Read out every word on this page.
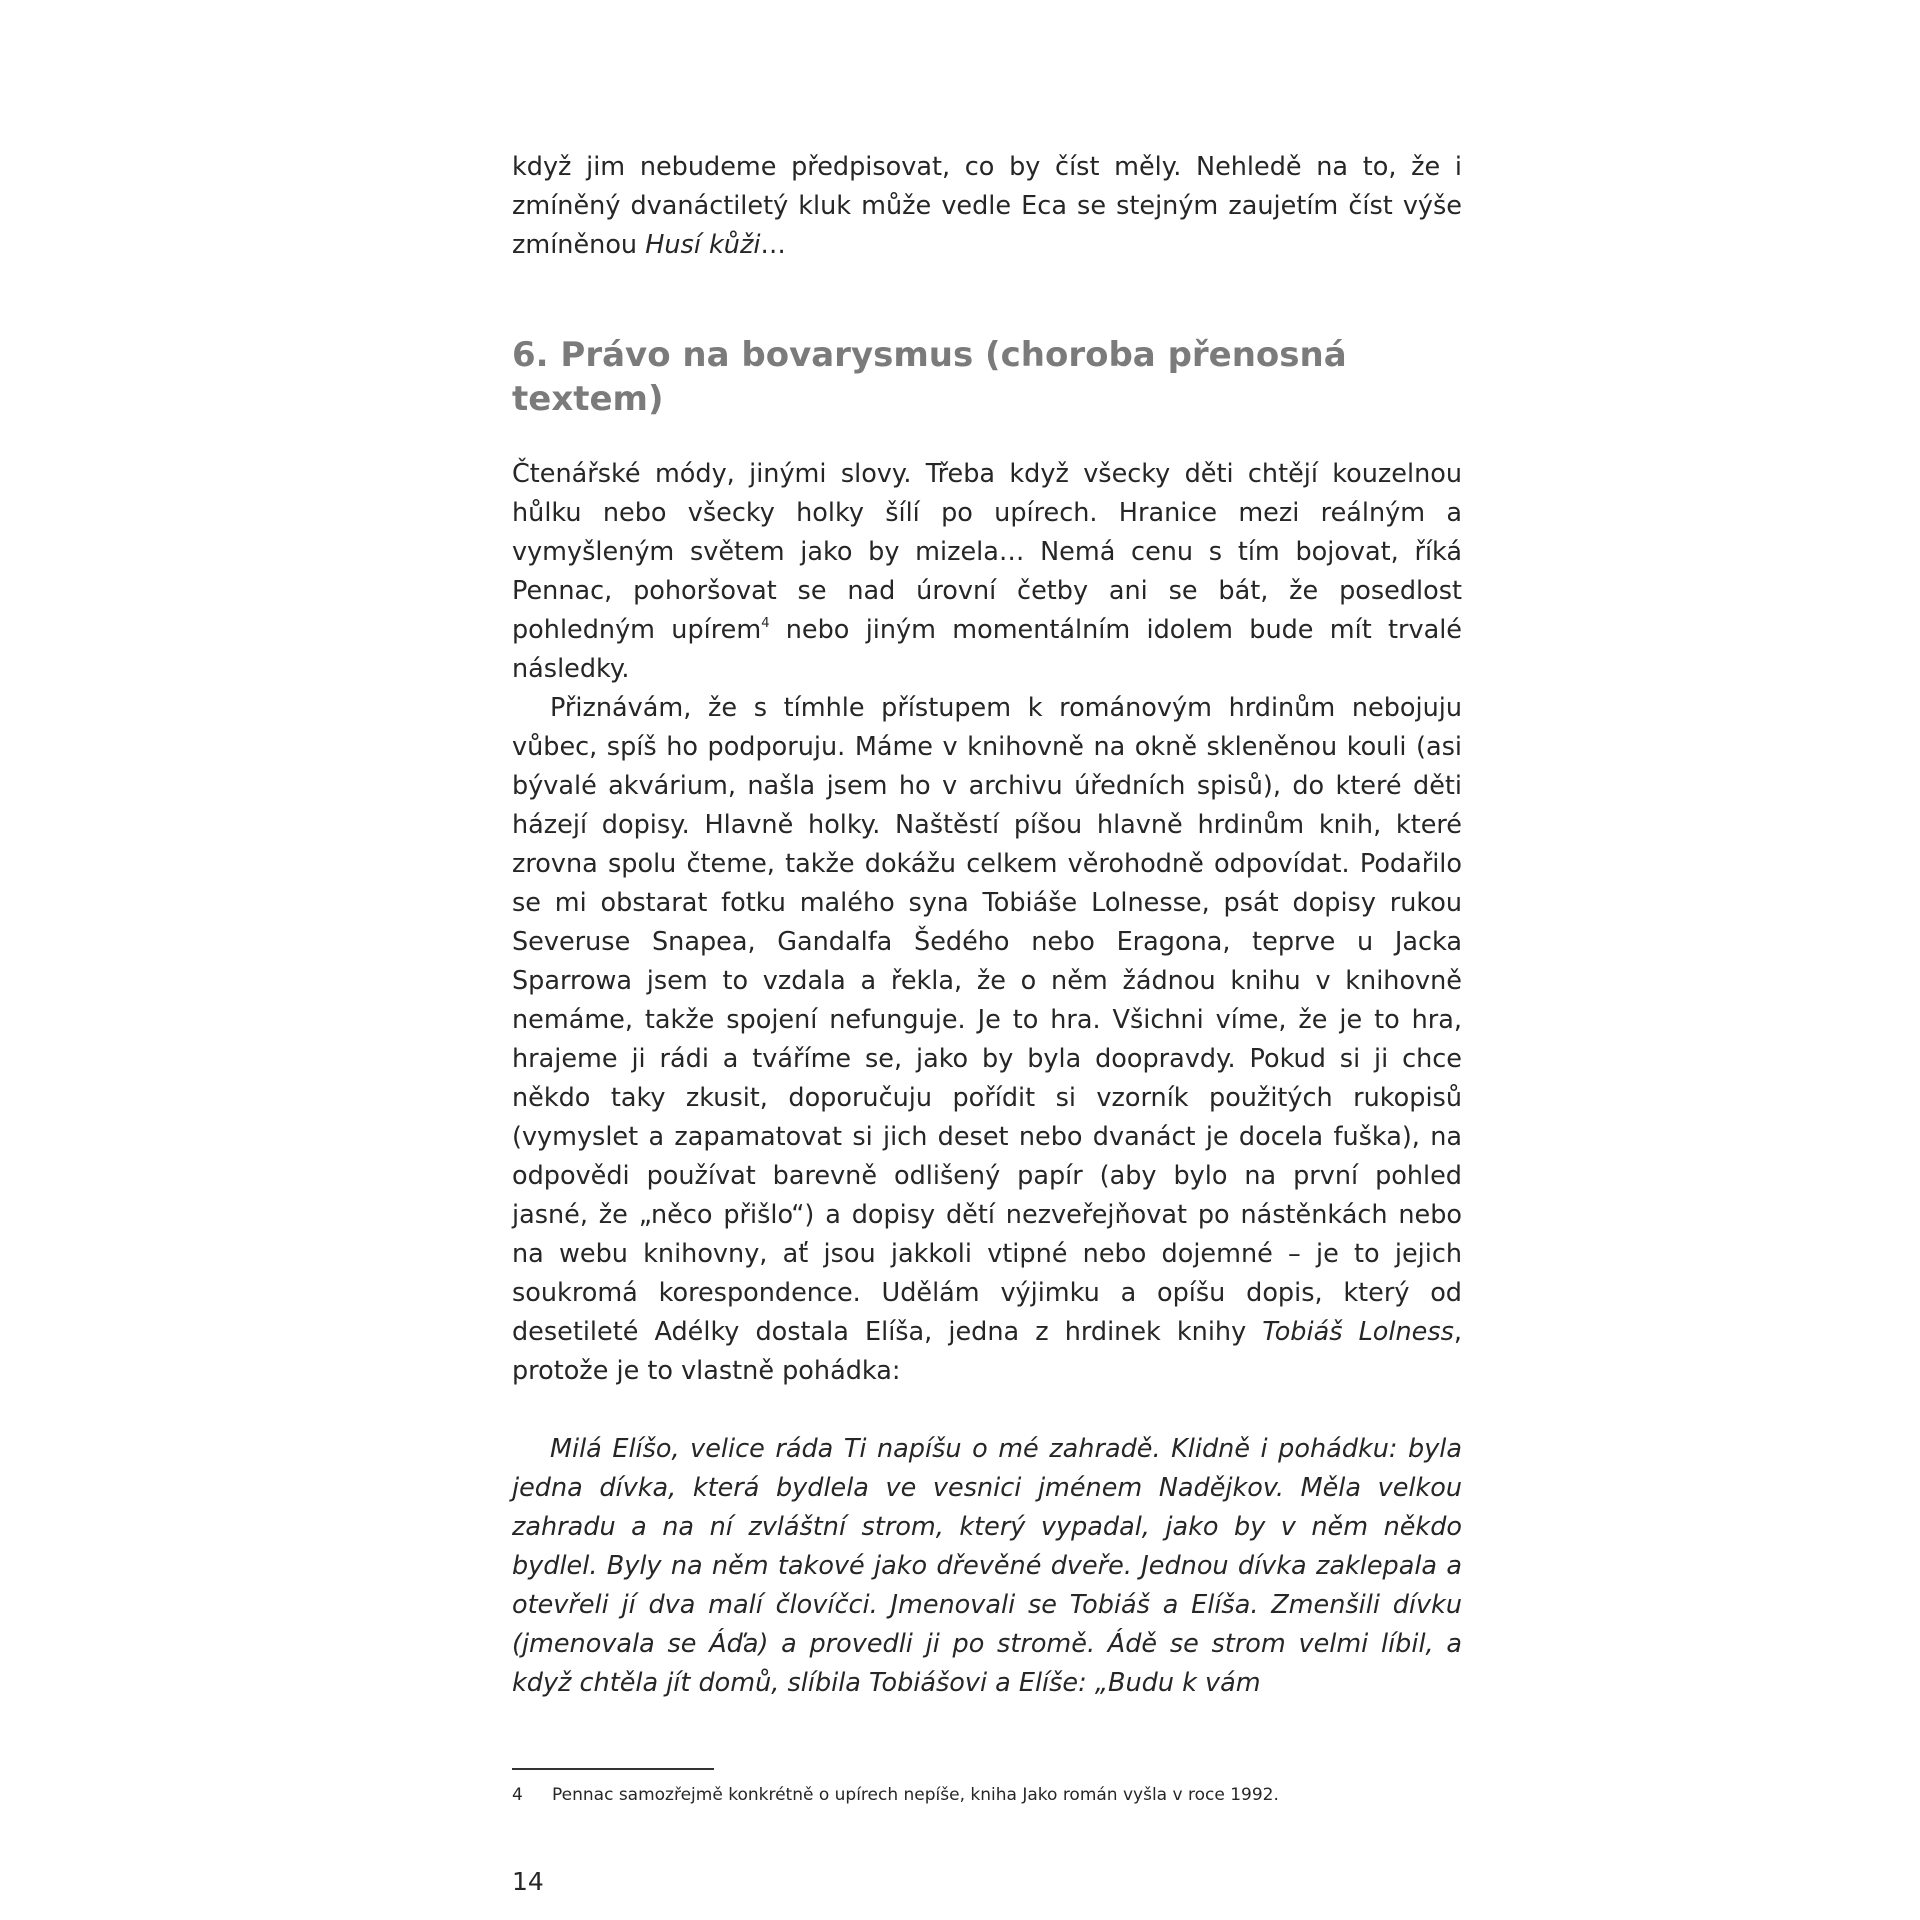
když jim nebudeme předpisovat, co by číst měly. Nehledě na to, že i zmíněný dvanáctiletý kluk může vedle Eca se stejným zaujetím číst výše zmíněnou Husí kůži…

6. Právo na bovarysmus (choroba přenosná textem)

Čtenářské módy, jinými slovy. Třeba když všecky děti chtějí kouzelnou hůlku nebo všecky holky šílí po upírech. Hranice mezi reálným a vymyšleným světem jako by mizela… Nemá cenu s tím bojovat, říká Pennac, pohoršovat se nad úrovní četby ani se bát, že posedlost pohledným upírem$^4$ nebo jiným momentálním idolem bude mít trvalé následky.

Přiznávám, že s tímhle přístupem k románovým hrdinům nebojuju vůbec, spíš ho podporuju. Máme v knihovně na okně skleněnou kouli (asi bývalé akvárium, našla jsem ho v archivu úředních spisů), do které děti házejí dopisy. Hlavně holky. Naštěstí píšou hlavně hrdinům knih, které zrovna spolu čteme, takže dokážu celkem věrohodně odpovídat. Podařilo se mi obstarat fotku malého syna Tobiáše Lolnesse, psát dopisy rukou Severuse Snapea, Gandalfa Šedého nebo Eragona, teprve u Jacka Sparrowa jsem to vzdala a řekla, že o něm žádnou knihu v knihovně nemáme, takže spojení nefunguje. Je to hra. Všichni víme, že je to hra, hrajeme ji rádi a tváříme se, jako by byla doopravdy. Pokud si ji chce někdo taky zkusit, doporučuju pořídit si vzorník použitých rukopisů (vymyslet a zapamatovat si jich deset nebo dvanáct je docela fuška), na odpovědi používat barevně odlišený papír (aby bylo na první pohled jasné, že „něco přišlo“) a dopisy dětí nezveřejňovat po nástěnkách nebo na webu knihovny, ať jsou jakkoli vtipné nebo dojemné – je to jejich soukromá korespondence. Udělám výjimku a opíšu dopis, který od desetileté Adélky dostala Elíša, jedna z hrdinek knihy Tobiáš Lolness, protože je to vlastně pohádka:

Milá Elíšo, velice ráda Ti napíšu o mé zahradě. Klidně i pohádku: byla jedna dívka, která bydlela ve vesnici jménem Nadějkov. Měla velkou zahradu a na ní zvláštní strom, který vypadal, jako by v něm někdo bydlel. Byly na něm takové jako dřevěné dveře. Jednou dívka zaklepala a otevřeli jí dva malí človíčci. Jmenovali se Tobiáš a Elíša. Zmenšili dívku (jmenovala se Áďa) a provedli ji po stromě. Ádě se strom velmi líbil, a když chtěla jít domů, slíbila Tobiášovi a Elíše: „Budu k vám

4	Pennac samozřejmě konkrétně o upírech nepíše, kniha Jako román vyšla v roce 1992.
14
